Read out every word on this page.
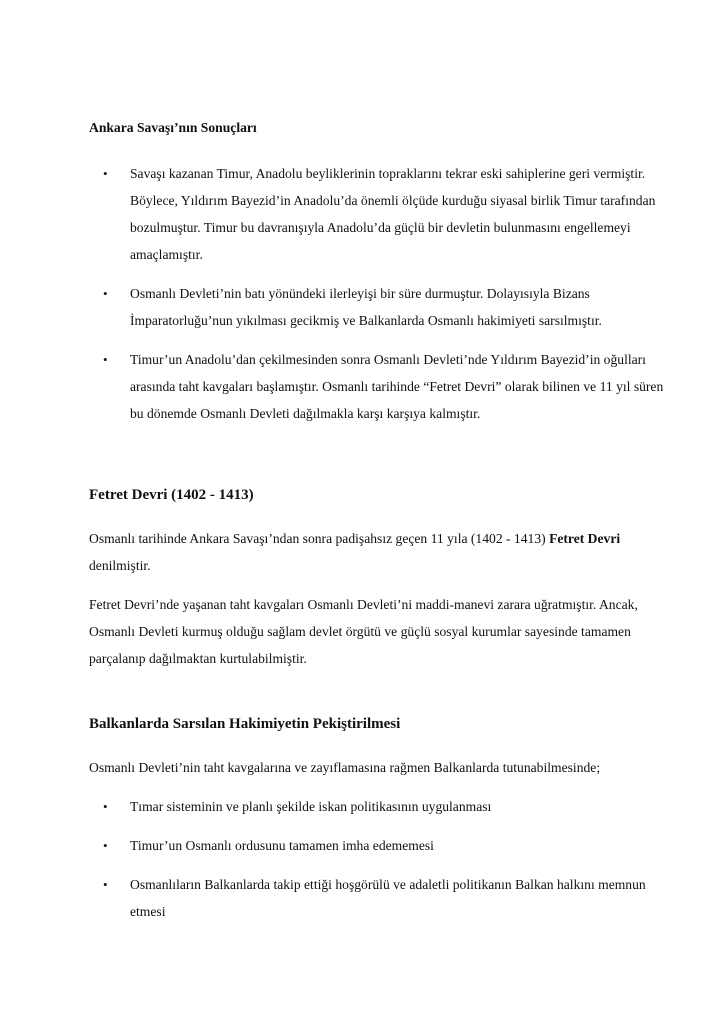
Ankara Savaşı’nın Sonuçları
• Savaşı kazanan Timur, Anadolu beyliklerinin topraklarını tekrar eski sahiplerine geri vermiştir. Böylece, Yıldırım Bayezid’in Anadolu’da önemli ölçüde kurduğu siyasal birlik Timur tarafından bozulmuştur. Timur bu davranışıyla Anadolu’da güçlü bir devletin bulunmasını engellemeyi amaçlamıştır.
• Osmanlı Devleti’nin batı yönündeki ilerleyişi bir süre durmuştur. Dolayısıyla Bizans İmparatorluğu’nun yıkılması gecikmiş ve Balkanlarda Osmanlı hakimiyeti sarsılmıştır.
• Timur’un Anadolu’dan çekilmesinden sonra Osmanlı Devleti’nde Yıldırım Bayezid’in oğulları arasında taht kavgaları başlamıştır. Osmanlı tarihinde “Fetret Devri” olarak bilinen ve 11 yıl süren bu dönemde Osmanlı Devleti dağılmakla karşı karşıya kalmıştır.
Fetret Devri (1402 - 1413)
Osmanlı tarihinde Ankara Savaşı’ndan sonra padişahsız geçen 11 yıla (1402 - 1413) Fetret Devri denilmiştir.
Fetret Devri’nde yaşanan taht kavgaları Osmanlı Devleti’ni maddi-manevi zarara uğratmıştır. Ancak, Osmanlı Devleti kurmuş olduğu sağlam devlet örgütü ve güçlü sosyal kurumlar sayesinde tamamen parçalanıp dağılmaktan kurtulabilmiştir.
Balkanlarda Sarsılan Hakimiyetin Pekiştirilmesi
Osmanlı Devleti’nin taht kavgalarına ve zayıflamasına rağmen Balkanlarda tutunabilmesinde;
• Tımar sisteminin ve planlı şekilde iskan politikasının uygulanması
• Timur’un Osmanlı ordusunu tamamen imha edememesi
• Osmanlıların Balkanlarda takip ettiği hoşgörülü ve adaletli politikanın Balkan halkını memnun etmesi
